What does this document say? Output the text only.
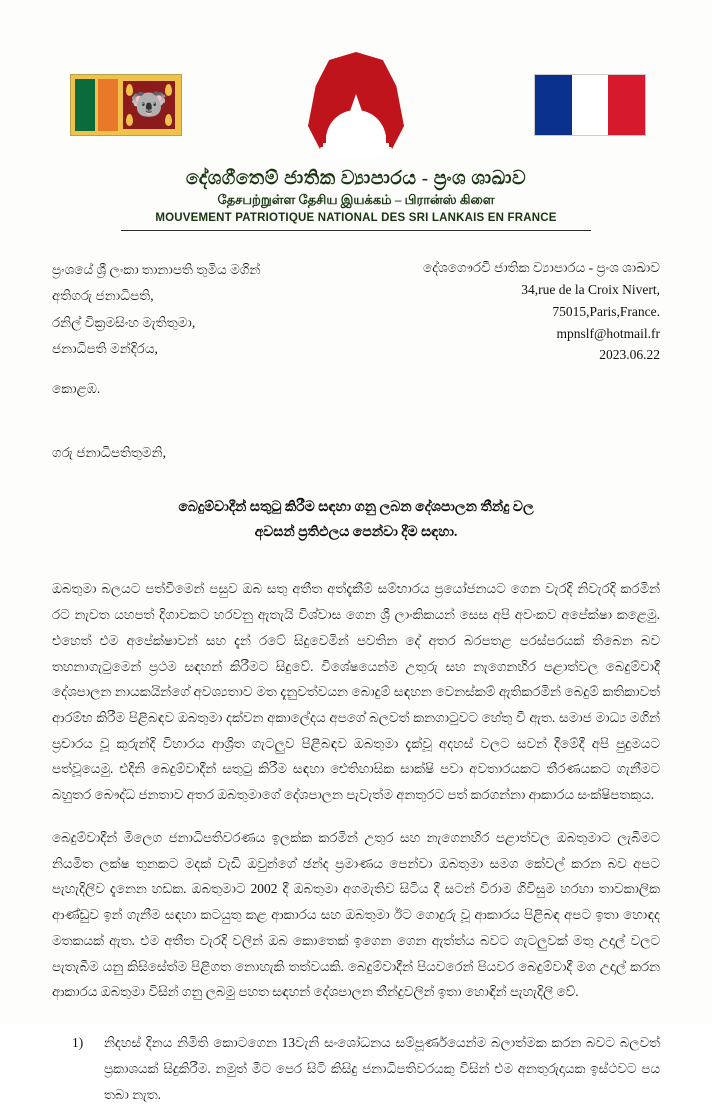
🐨
දේශගීතෙම් ජාතික ව්‍යාපාරය - ප්‍රංශ ශාඛාව
தேசபற்றுள்ள தேசிய இயக்கம் – பிரான்ஸ் கிளை
MOUVEMENT PATRIOTIQUE NATIONAL DES SRI LANKAIS EN FRANCE
ප්‍රංශයේ ශ්‍රී ලංකා තානාපති තුමිය මගින්
අතිගරු ජනාධිපති,
රනිල් වික්‍රමසිංහ මැතිතුමා,
ජනාධිපති මන්දිරය,
කොළඹ.
දේශගෞරවී ජාතික ව්‍යාපාරය - ප්‍රංශ ශාඛාව
34,rue de la Croix Nivert,
75015,Paris,France.
mpnslf@hotmail.fr
2023.06.22
ගරු ජනාධිපතිතුමනි,
බෙදුම්වාදීන් සතුටු කිරීම සඳහා ගනු ලබන දේශපාලන තීන්දු වල
අවසන් ප්‍රතිඵලය පෙන්වා දීම සඳහා.

ඔබතුමා බලයට පත්වීමෙන් පසුව ඔබ සතු අතීත අත්දැකීම් සම්භාරය ප්‍රයෝජනයට ගෙන වැරදි නිවැරදි කරමින් රට නැවත යහපත් දිගාවකට හරවනු ඇතැයි විශ්වාස ගෙන ශ්‍රී ලාංකිකයන් සෙස අපි අවංකව අපේක්ෂා කළෙමු. එහෙත් එම අපේක්ෂාවන් සහ දැන් රටේ සිදුවෙමින් පවතින දේ අතර බරපතළ පරස්පරයක් තිබෙන බව තහනාගැටුමෙන් ප්‍රථම සඳහන් කිරීමට සිදුවේ. විශේෂයෙන්ම උතුරු සහ නැගෙනහිර පළාත්වල බෙදුම්වාදී දේශපාලන නායකයින්ගේ අවශ්‍යතාව මත දැනුවත්වයන බොදුම් සඳහන වෙනස්කම් ඇතිකරමින් බෙදුම් කතිකාවත් ආරම්භ කිරීම පිළිබඳව ඔබතුමා දක්වන අකාලේදය අපගේ බලවත් කනගාටුවට හේතු වී ඇත. සමාජ මාධ්‍ය මගින් ප්‍රචාරය වූ කුරුන්දි විහාරය ආශ්‍රිත ගැටලුව පිළිබඳව ඔබතුමා දැක්වූ අදහස් වලට සවන් දීමේදී අපි පුදුමයට පත්වූයෙමු. එදිනි බෙදුම්වාදීන් සතුටු කිරීම සඳහා ඓතිහාසික සාක්ෂි පවා අවතාරයකට තීරණයකට ගැනීමට බහුතර බෞද්ධ ජනතාව අතර ඔබතුමාගේ දේශපාලන පැවැත්ම අනතුරට පත් කරගන්නා ආකාරය සංක්ෂිපතකුය.

බෙදුම්වාදීන් මිලෙග ජනාධිපතිවරණය ඉලක්ක කරමින් උතුර සහ නැගෙනහිර පළාත්වල ඔබතුමාට ලැබීමට නියමිත ලක්ෂ තුනකට මදක් වැඩි ඔවුන්ගේ ඡන්ද ප්‍රමාණය පෙන්වා ඔබතුමා සමග කේවල් කරන බව අපට පැහැදිලිව දැනෙන හඩක. ඔබතුමාට 2002 දී ඔබතුමා අගමැතිව සිටිය දී සටන් විරාම ගිවිසුම හරහා තාවකාලික ආණ්ඩුව ඉන් ගැනීම සඳහා කටයුතු කළ ආකාරය සහ ඔබතුමා ඊට ගොදුරු වූ ආකාරය පිළිබඳ අපට ඉතා හොඳද මතකයක් ඇත. එම අතීත වැරදි වලින් ඔබ කොතෙක් ඉගෙන ගෙන ඇත්ත්ය බවට ගැටලුවක් මතු උදාල් වලට පැතැබීම යනු කිසිසේත්ම පිළිගත නොහැකි තත්වයකි. බෙදුම්වාදීන් පියවරෙන් පියවර බෙදුම්වාදී මග උදාල් කරන ආකාරය ඔබතුමා විසින් ගනු ලබමු පහත සඳහන් දේශපාලන තීන්දුවලින් ඉතා හොඳින් පැහැදිලි වේ.

1)	නිදහස් දිනය නිමිති කොටගෙන 13වැනි සංශෝධනය සම්පූර්ණයෙන්ම බලාත්මක කරන බවට බලවත් ප්‍රකාශයක් සිදුකිරීම. නමුත් මීට පෙර සිටි කිසිදු ජනාධිපතිවරයකු විසින් එම අනතුරුදායක ඉස්ථවට පය තබා නැත.
